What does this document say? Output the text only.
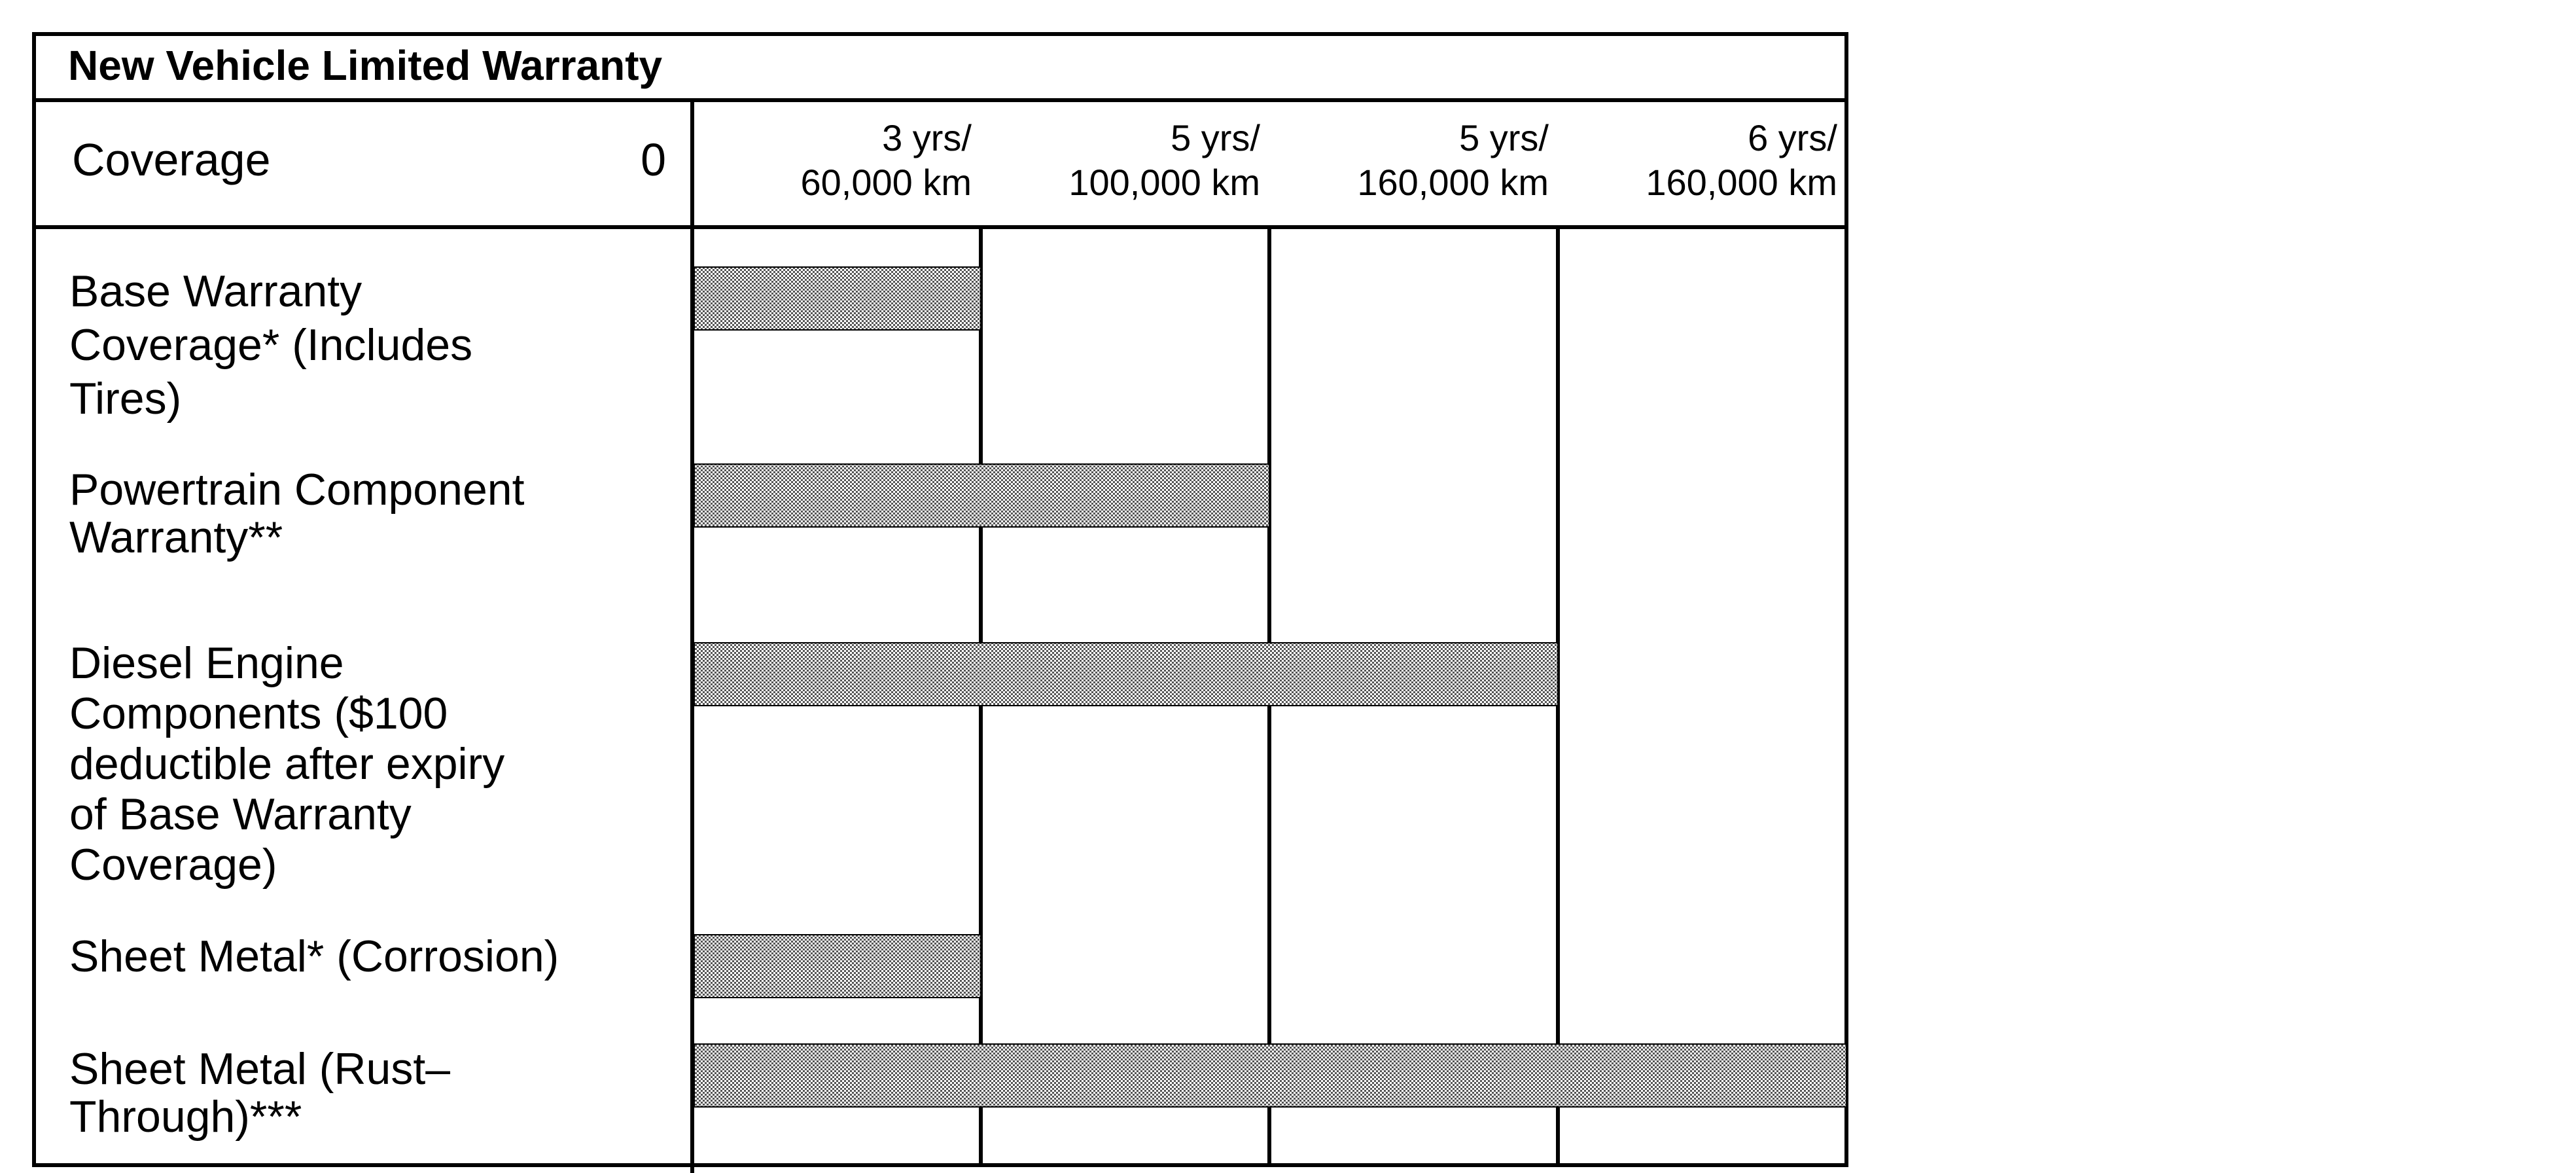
New Vehicle Limited Warranty
Coverage	0	3 yrs/
60,000 km
5 yrs/
100,000 km
5 yrs/
160,000 km
6 yrs/
160,000 km
Base Warranty
Coverage* (Includes
Tires)
Powertrain Component
Warranty**
Diesel Engine
Components ($100
deductible after expiry
of Base Warranty
Coverage)
Sheet Metal* (Corrosion)
Sheet Metal (Rust–
Through)***
